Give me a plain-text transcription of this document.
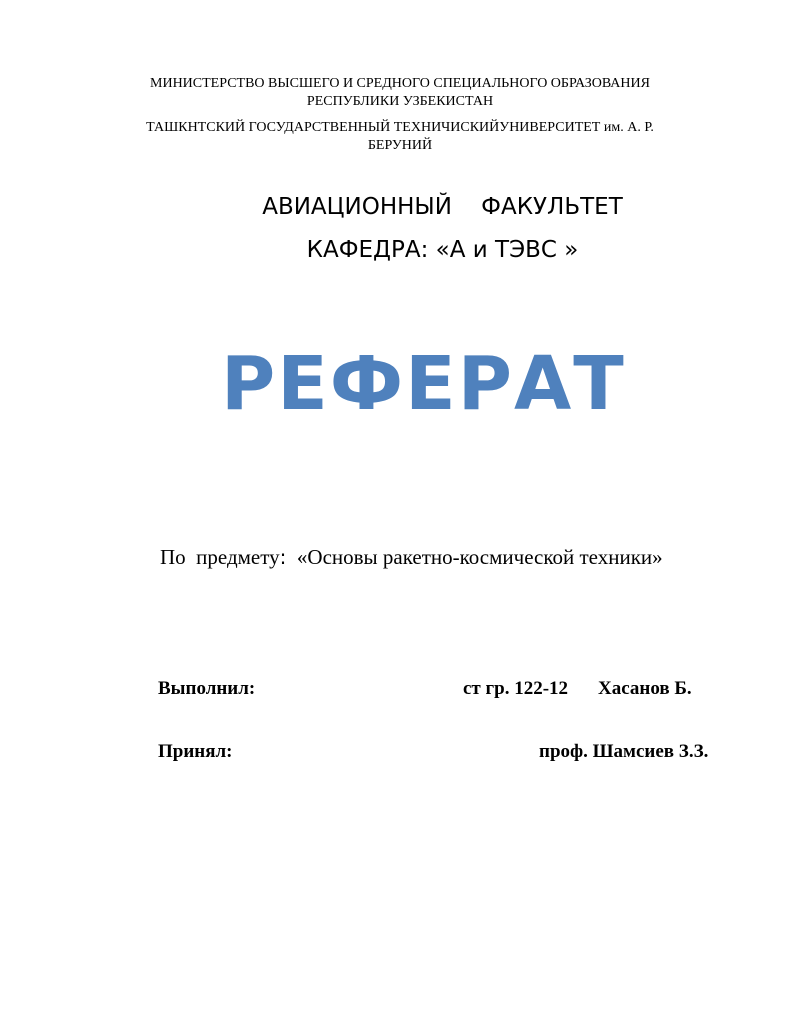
МИНИСТЕРСТВО ВЫСШЕГО И СРЕДНОГО СПЕЦИАЛЬНОГО ОБРАЗОВАНИЯ
РЕСПУБЛИКИ УЗБЕКИСТАН
ТАШКНТСКИЙ ГОСУДАРСТВЕННЫЙ ТЕХНИЧИСКИЙУНИВЕРСИТЕТ им. А. Р.
БЕРУНИЙ
АВИАЦИОННЫЙ    ФАКУЛЬТЕТ
КАФЕДРА: «А и ТЭВС »
РЕФЕРАТ
По  предмету:  «Основы ракетно-космической техники»
Выполнил:	ст гр. 122-12 Хасанов Б.
Принял:	проф. Шамсиев З.З.
